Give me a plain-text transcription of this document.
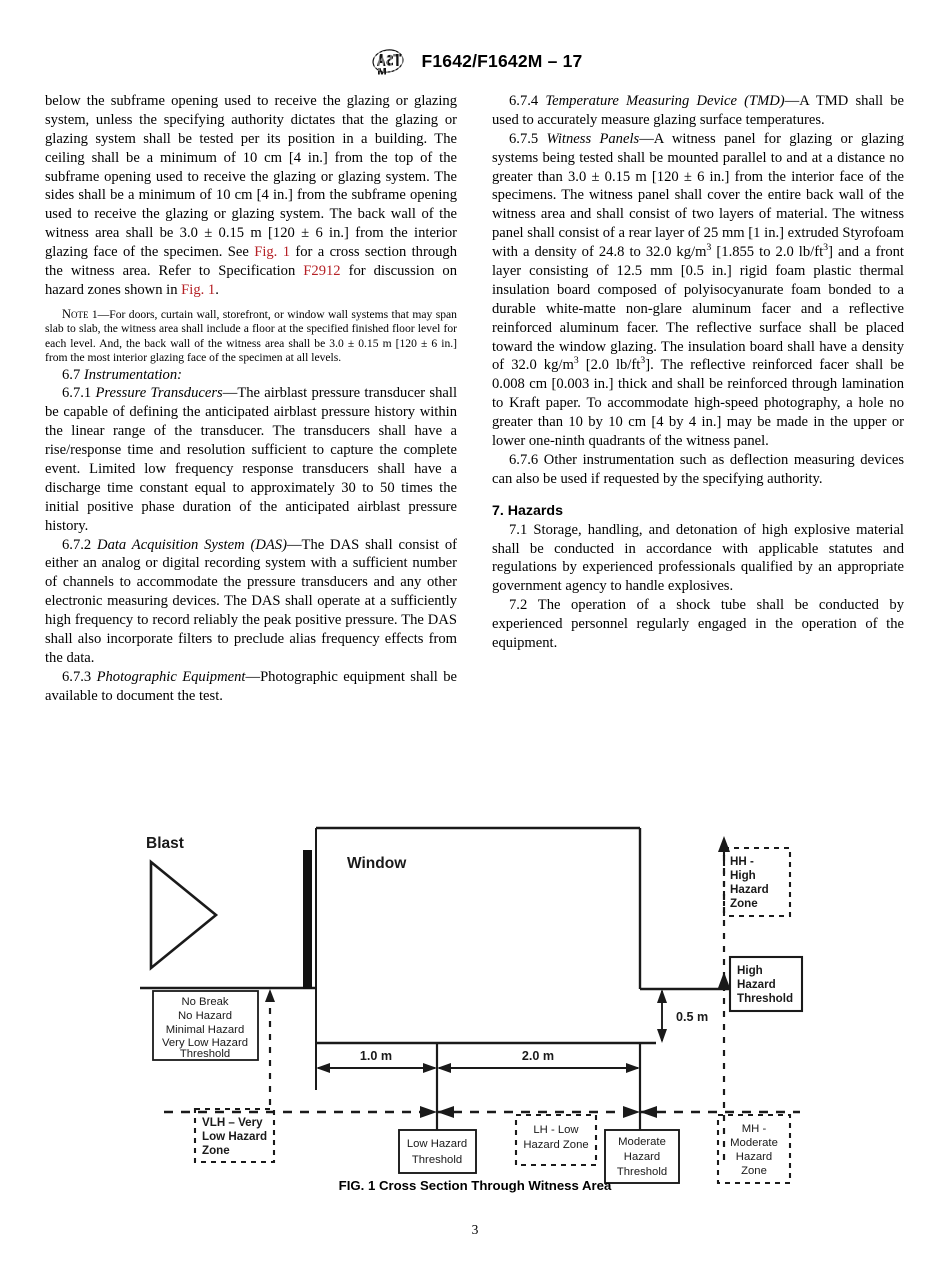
F1642/F1642M – 17

below the subframe opening used to receive the glazing or glazing system, unless the specifying authority dictates that the glazing or glazing system shall be tested per its position in a building. The ceiling shall be a minimum of 10 cm [4 in.] from the top of the subframe opening used to receive the glazing or glazing system. The sides shall be a minimum of 10 cm [4 in.] from the subframe opening used to receive the glazing or glazing system. The back wall of the witness area shall be 3.0 ± 0.15 m [120 ± 6 in.] from the interior glazing face of the specimen. See Fig. 1 for a cross section through the witness area. Refer to Specification F2912 for discussion on hazard zones shown in Fig. 1.

Note 1—For doors, curtain wall, storefront, or window wall systems that may span slab to slab, the witness area shall include a floor at the specified finished floor level for each level. And, the back wall of the witness area shall be 3.0 ± 0.15 m [120 ± 6 in.] from the most interior glazing face of the specimen at all levels.

6.7 Instrumentation:

6.7.1 Pressure Transducers—The airblast pressure transducer shall be capable of defining the anticipated airblast pressure history within the linear range of the transducer. The transducers shall have a rise/response time and resolution sufficient to capture the complete event. Limited low frequency response transducers shall have a discharge time constant equal to approximately 30 to 50 times the initial positive phase duration of the anticipated airblast pressure history.

6.7.2 Data Acquisition System (DAS)—The DAS shall consist of either an analog or digital recording system with a sufficient number of channels to accommodate the pressure transducers and any other electronic measuring devices. The DAS shall operate at a sufficiently high frequency to record reliably the peak positive pressure. The DAS shall also incorporate filters to preclude alias frequency effects from the data.

6.7.3 Photographic Equipment—Photographic equipment shall be available to document the test.

6.7.4 Temperature Measuring Device (TMD)—A TMD shall be used to accurately measure glazing surface temperatures.

6.7.5 Witness Panels—A witness panel for glazing or glazing systems being tested shall be mounted parallel to and at a distance no greater than 3.0 ± 0.15 m [120 ± 6 in.] from the interior face of the specimens. The witness panel shall cover the entire back wall of the witness area and shall consist of two layers of material. The witness panel shall consist of a rear layer of 25 mm [1 in.] extruded Styrofoam with a density of 24.8 to 32.0 $kg/m^3$ [1.855 to 2.0 $lb/ft^3$] and a front layer consisting of 12.5 mm [0.5 in.] rigid foam plastic thermal insulation board composed of polyisocyanurate foam bonded to a durable white-matte non-glare aluminum facer and a reflective reinforced aluminum facer. The reflective surface shall be placed toward the window glazing. The insulation board shall have a density of 32.0 $kg/m^3$ [2.0 $lb/ft^3$]. The reflective reinforced facer shall be 0.008 cm [0.003 in.] thick and shall be reinforced through lamination to Kraft paper. To accommodate high-speed photography, a hole no greater than 10 by 10 cm [4 by 4 in.] may be made in the upper or lower one-ninth quadrants of the witness panel.

6.7.6 Other instrumentation such as deflection measuring devices can also be used if requested by the specifying authority.

7. Hazards

7.1 Storage, handling, and detonation of high explosive material shall be conducted in accordance with applicable statutes and regulations by experienced professionals qualified by an appropriate government agency to handle explosives.

7.2 The operation of a shock tube shall be conducted by experienced personnel regularly engaged in the operation of the equipment.

Blast
Window
1.0 m	2.0 m
0.5 m
No Break
No Hazard
Minimal Hazard
Very Low Hazard
Threshold
VLH – Very
Low Hazard
Zone	Low Hazard
Threshold
LH - Low
Hazard Zone	Moderate
Hazard
Threshold
MH -
Moderate
Hazard
Zone
High
Hazard
Threshold
HH -
High
Hazard
Zone
FIG. 1 Cross Section Through Witness Area
3
